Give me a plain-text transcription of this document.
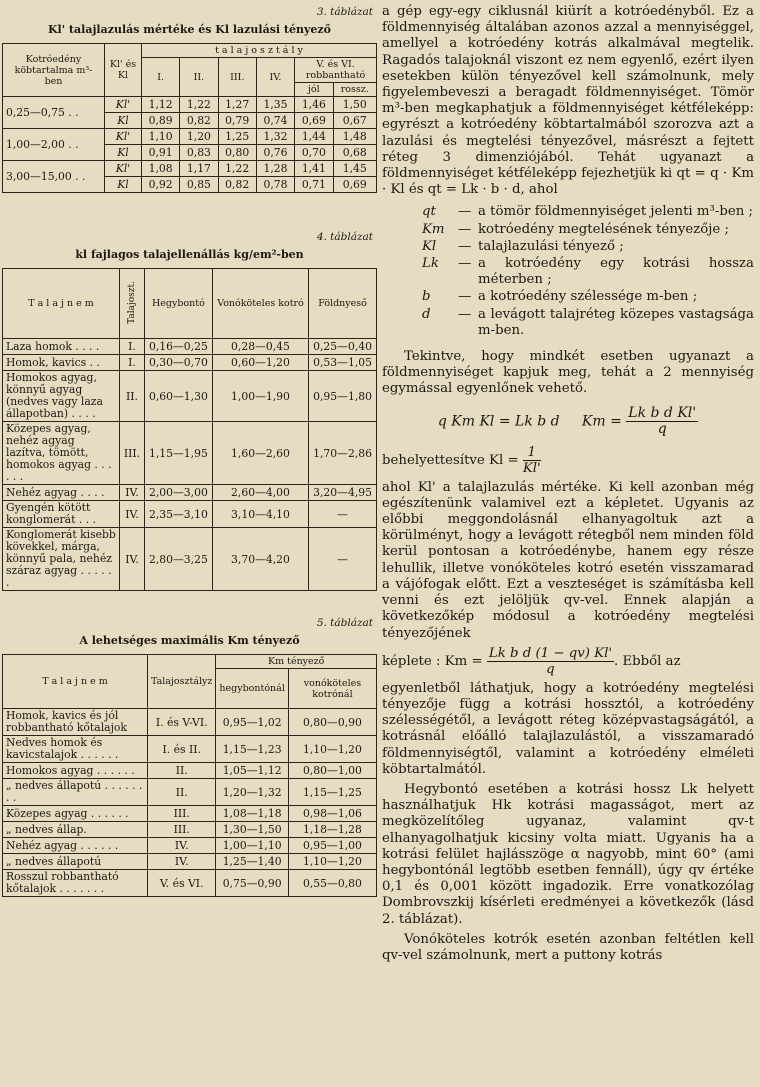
3. táblázat
Kl' talajlazulás mértéke és Kl lazulási tényező
Kotróedény köbtartalma m³-ben	Kl' és Kl	t a l a j o s z t á l y					
		I.	II.	III.	IV.	V. és VI.
robbantható	
						jól	rossz.
0,25—0,75 . .	Kl'	1,12	1,22	1,27	1,35	1,46	1,50
	Kl	0,89	0,82	0,79	0,74	0,69	0,67
1,00—2,00 . .	Kl'	1,10	1,20	1,25	1,32	1,44	1,48
	Kl	0,91	0,83	0,80	0,76	0,70	0,68
3,00—15,00 . .	Kl'	1,08	1,17	1,22	1,28	1,41	1,45
	Kl	0,92	0,85	0,82	0,78	0,71	0,69
4. táblázat
kl fajlagos talajellenállás kg/em²-ben
T a l a j n e m	Talajoszt.	Hegybontó	Vonóköteles kotró	Földnyeső
Laza homok . . . .	I.	0,16—0,25	0,28—0,45	0,25—0,40
Homok, kavics . .	I.	0,30—0,70	0,60—1,20	0,53—1,05
Homokos agyag, könnyű agyag (nedves vagy laza állapotban) . . . .	II.	0,60—1,30	1,00—1,90	0,95—1,80
Közepes agyag, nehéz agyag lazítva, tömött, homokos agyag . . . . . .	III.	1,15—1,95	1,60—2,60	1,70—2,86
Nehéz agyag . . . .	IV.	2,00—3,00	2,60—4,00	3,20—4,95
Gyengén kötött konglomerát . . .	IV.	2,35—3,10	3,10—4,10	—
Konglomerát kisebb kövekkel, márga, könnyű pala, nehéz száraz agyag . . . . . .	IV.	2,80—3,25	3,70—4,20	—
5. táblázat
A lehetséges maximális Km tényező
T a l a j n e m	Talajosztályz	Km tényező	
		hegybontónál	vonóköteles kotrónál
Homok, kavics és jól robbantható kőtalajok	I. és V-VI.	0,95—1,02	0,80—0,90
Nedves homok és kavicstalajok . . . . . .	I. és II.	1,15—1,23	1,10—1,20
Homokos agyag . . . . . .	II.	1,05—1,12	0,80—1,00
„ nedves állapotú . . . . . . . .	II.	1,20—1,32	1,15—1,25
Közepes agyag . . . . . .	III.	1,08—1,18	0,98—1,06
„ nedves állap.	III.	1,30—1,50	1,18—1,28
Nehéz agyag . . . . . .	IV.	1,00—1,10	0,95—1,00
„ nedves állapotú	IV.	1,25—1,40	1,10—1,20
Rosszul robbantható kőtalajok . . . . . . .	V. és VI.	0,75—0,90	0,55—0,80

a gép egy-egy ciklusnál kiürít a kotróedényből. Ez a földmennyiség általában azonos azzal a mennyiséggel, amellyel a kotróedény kotrás alkalmával megtelik. Ragadós talajoknál viszont ez nem egyenlő, ezért ilyen esetekben külön tényezővel kell számolnunk, mely figyelembeveszi a beragadt földmennyiséget. Tömör m³-ben megkaphatjuk a földmennyiséget kétféleképp: egyrészt a kotróedény köbtartalmából szorozva azt a lazulási és megtelési tényezővel, másrészt a fejtett réteg 3 dimenziójából. Tehát ugyanazt a földmennyiséget kétféleképp fejezhetjük ki qt = q · Km · Kl és qt = Lk · b · d, ahol

qt	— a tömör földmennyiséget jelenti m³-ben ;
Km	— kotróedény megtelésének tényezője ;
Kl	— talajlazulási tényező ;
Lk	— a kotróedény egy kotrási hossza méterben ;
b	— a kotróedény szélessége m-ben ;
d	— a levágott talajréteg közepes vastagsága m-ben.

Tekintve, hogy mindkét esetben ugyanazt a földmennyiséget kapjuk meg, tehát a 2 mennyiség egymással egyenlőnek vehető.

q Km Kl = Lk b d $Km = \frac{\text{Lk b d Kl'}}{q}$

behelyettesítve $Kl = \frac{1}{Kl'}$

ahol Kl' a talajlazulás mértéke. Ki kell azonban még egészítenünk valamivel ezt a képletet. Ugyanis az előbbi meggondolásnál elhanyagoltuk azt a körülményt, hogy a levágott rétegből nem minden föld kerül pontosan a kotróedénybe, hanem egy része lehullik, illetve vonóköteles kotró esetén visszamarad a vájófogak előtt. Ezt a veszteséget is számításba kell venni és ezt jelöljük qv-vel. Ennek alapján a következőkép módosul a kotróedény megtelési tényezőjének

képlete : $Km = \frac{\text{Lk b d (1 − qv) Kl'}}{q}$ . Ebből az

egyenletből láthatjuk, hogy a kotróedény megtelési tényezője függ a kotrási hossztól, a kotróedény szélességétől, a levágott réteg középvastagságától, a kotrásnál előálló talajlazulástól, a visszamaradó földmennyiségtől, valamint a kotróedény elméleti köbtartalmától.

Hegybontó esetében a kotrási hossz Lk helyett használhatjuk Hk kotrási magasságot, mert az megközelítőleg ugyanaz, valamint qv-t elhanyagolhatjuk kicsiny volta miatt. Ugyanis ha a kotrási felület hajlásszöge α nagyobb, mint 60° (ami hegybontónál legtöbb esetben fennáll), úgy qv értéke 0,1 és 0,001 között ingadozik. Erre vonatkozólag Dombrovszkij kísérleti eredményei a következők (lásd 2. táblázat).

Vonóköteles kotrók esetén azonban feltétlen kell qv-vel számolnunk, mert a puttony kotrás
